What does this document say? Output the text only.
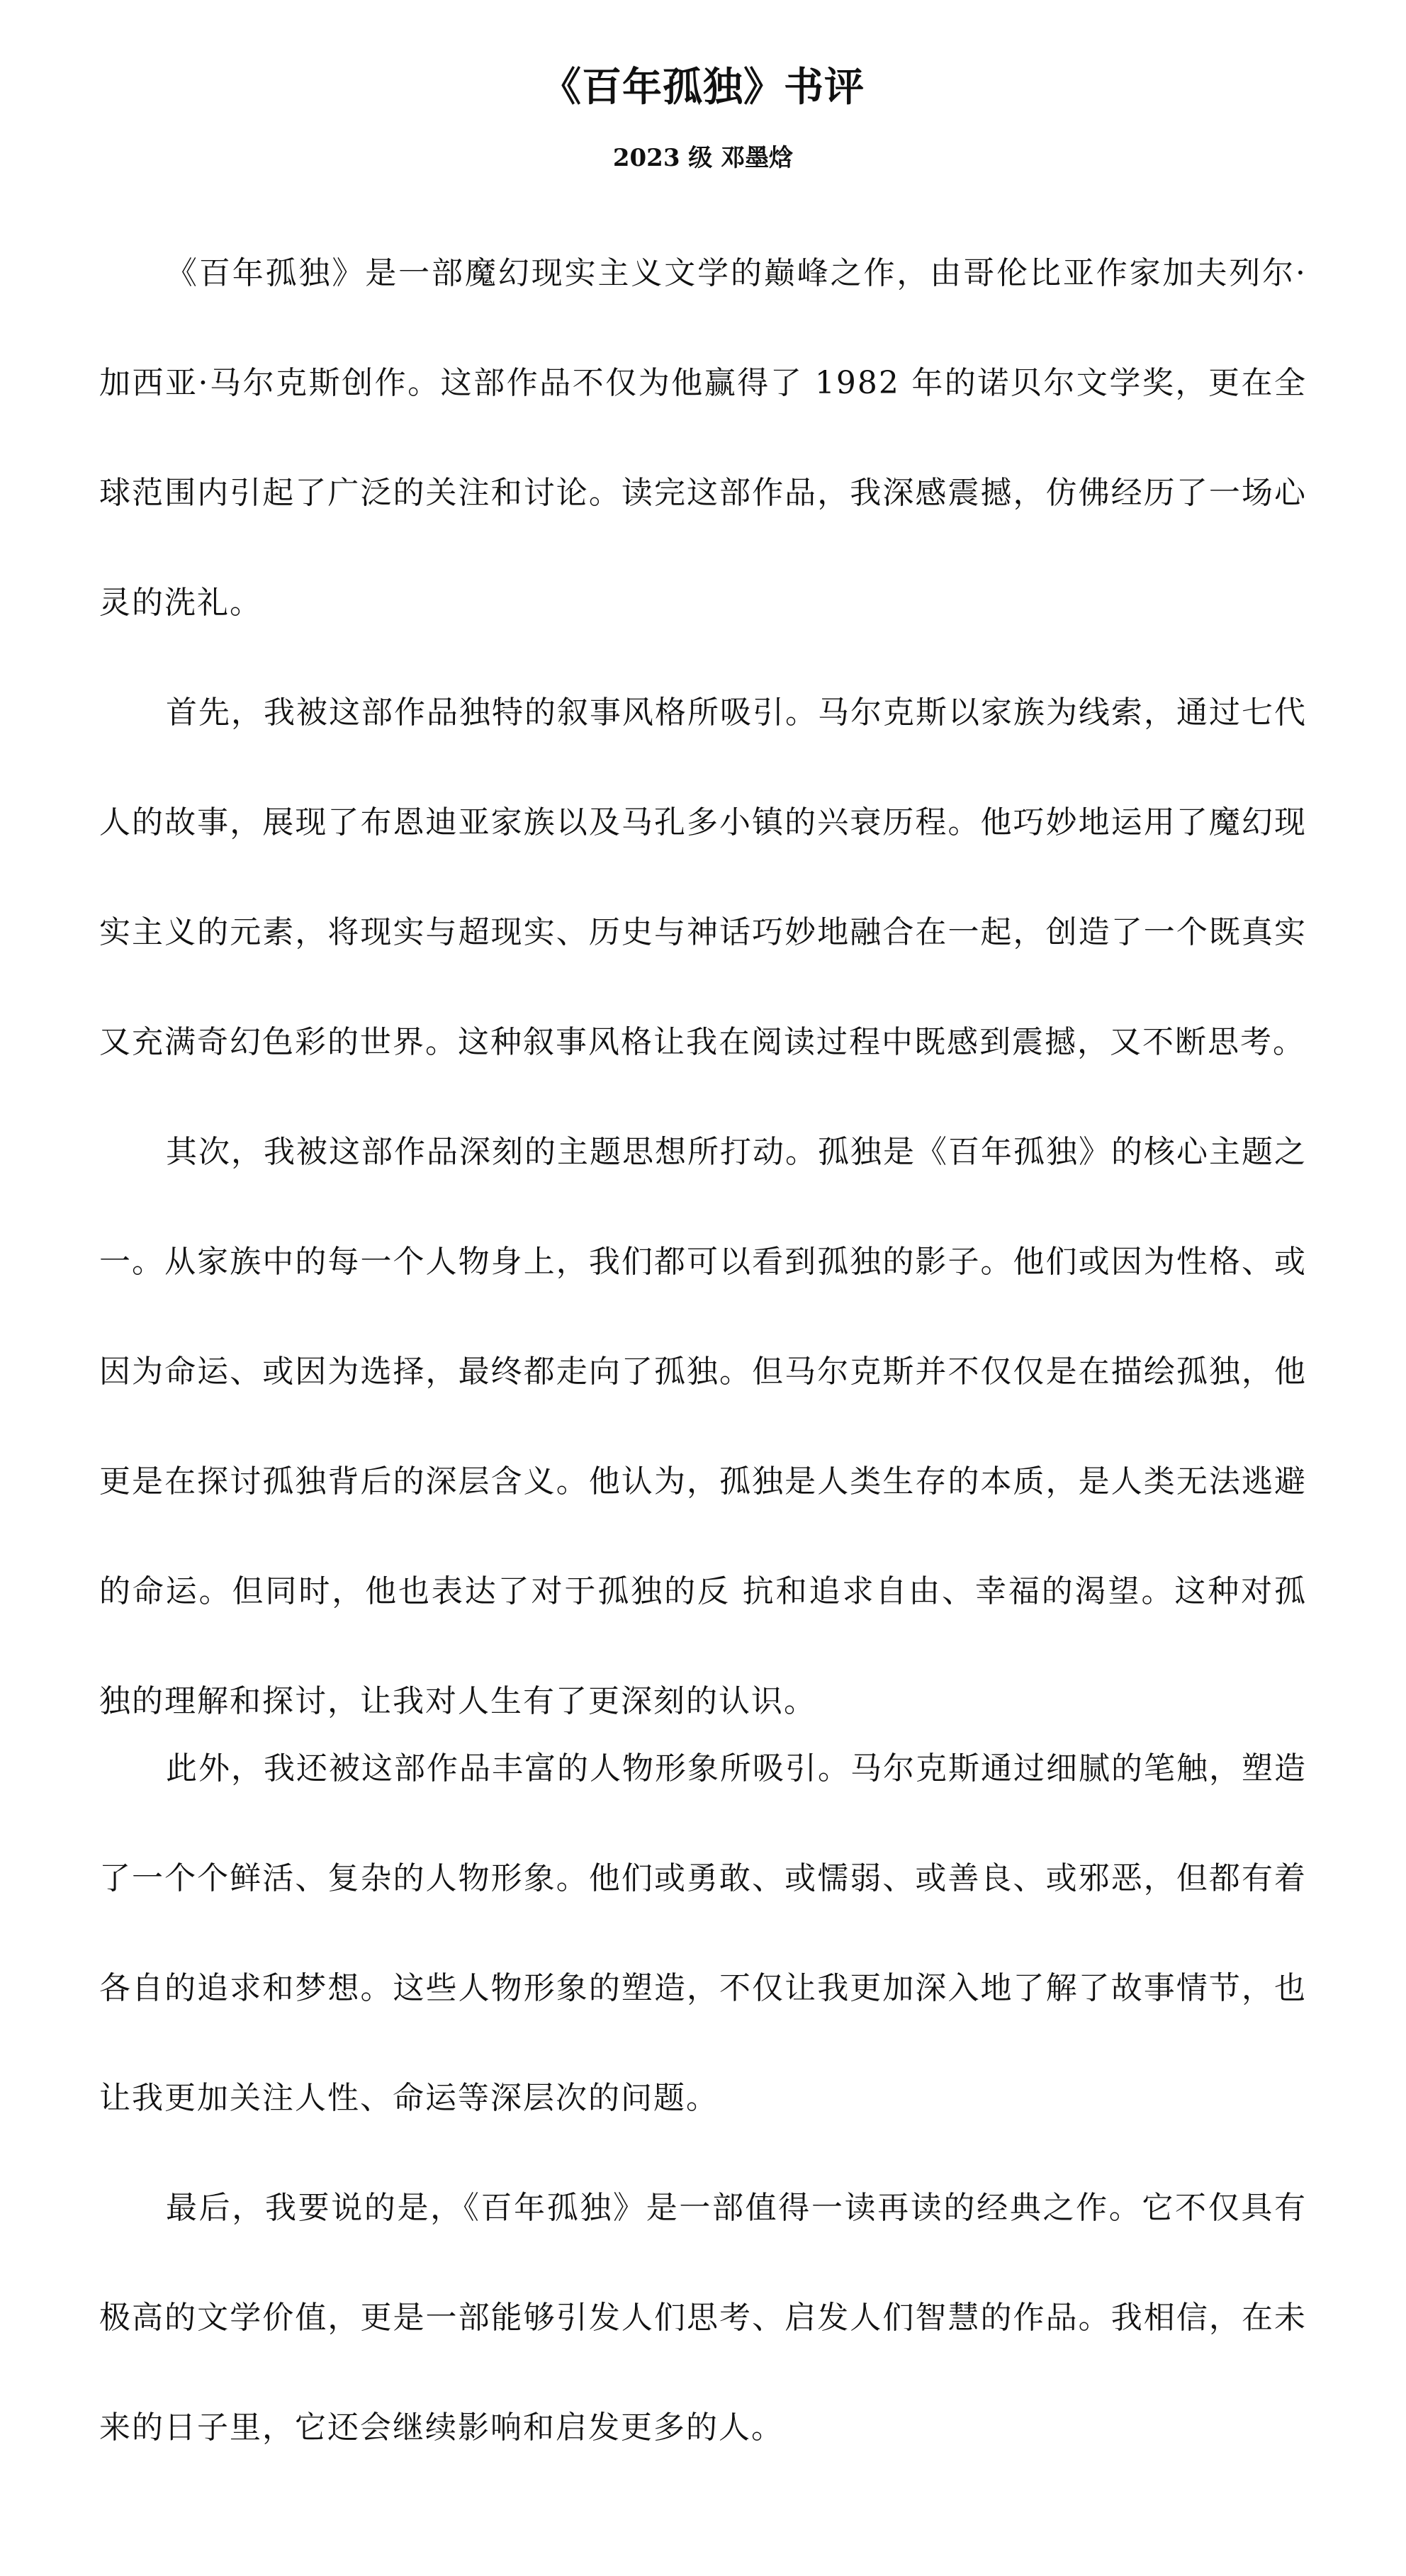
《百年孤独》书评
2023 级 邓墨焓

《百年孤独》是一部魔幻现实主义文学的巅峰之作，由哥伦比亚作家加夫列尔·加西亚·马尔克斯创作。这部作品不仅为他赢得了 1982 年的诺贝尔文学奖，更在全球范围内引起了广泛的关注和讨论。读完这部作品，我深感震撼，仿佛经历了一场心灵的洗礼。

首先，我被这部作品独特的叙事风格所吸引。马尔克斯以家族为线索，通过七代人的故事，展现了布恩迪亚家族以及马孔多小镇的兴衰历程。他巧妙地运用了魔幻现实主义的元素，将现实与超现实、历史与神话巧妙地融合在一起，创造了一个既真实又充满奇幻色彩的世界。这种叙事风格让我在阅读过程中既感到震撼，又不断思考。

其次，我被这部作品深刻的主题思想所打动。孤独是《百年孤独》的核心主题之一。从家族中的每一个人物身上，我们都可以看到孤独的影子。他们或因为性格、或因为命运、或因为选择，最终都走向了孤独。但马尔克斯并不仅仅是在描绘孤独，他更是在探讨孤独背后的深层含义。他认为，孤独是人类生存的本质，是人类无法逃避的命运。但同时，他也表达了对于孤独的反 抗和追求自由、幸福的渴望。这种对孤独的理解和探讨，让我对人生有了更深刻的认识。

此外，我还被这部作品丰富的人物形象所吸引。马尔克斯通过细腻的笔触，塑造了一个个鲜活、复杂的人物形象。他们或勇敢、或懦弱、或善良、或邪恶，但都有着各自的追求和梦想。这些人物形象的塑造，不仅让我更加深入地了解了故事情节，也让我更加关注人性、命运等深层次的问题。

最后，我要说的是，《百年孤独》是一部值得一读再读的经典之作。它不仅具有极高的文学价值，更是一部能够引发人们思考、启发人们智慧的作品。我相信，在未来的日子里，它还会继续影响和启发更多的人。
